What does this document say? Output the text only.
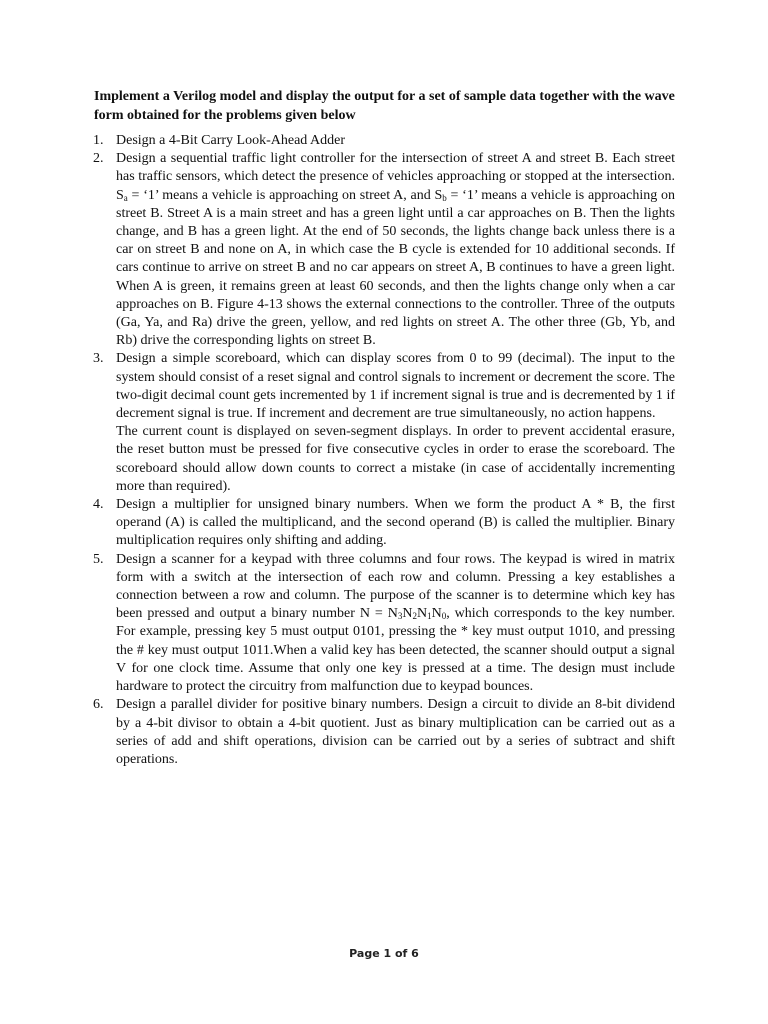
Implement a Verilog model and display the output for a set of sample data together with the wave form obtained for the problems given below
1. Design a 4-Bit Carry Look-Ahead Adder
2. Design a sequential traffic light controller for the intersection of street A and street B. Each street has traffic sensors, which detect the presence of vehicles approaching or stopped at the intersection. $S_a$ = ‘1’ means a vehicle is approaching on street A, and $S_b$ = ‘1’ means a vehicle is approaching on street B. Street A is a main street and has a green light until a car approaches on B. Then the lights change, and B has a green light. At the end of 50 seconds, the lights change back unless there is a car on street B and none on A, in which case the B cycle is extended for 10 additional seconds. If cars continue to arrive on street B and no car appears on street A, B continues to have a green light. When A is green, it remains green at least 60 seconds, and then the lights change only when a car approaches on B. Figure 4-13 shows the external connections to the controller. Three of the outputs (Ga, Ya, and Ra) drive the green, yellow, and red lights on street A. The other three (Gb, Yb, and Rb) drive the corresponding lights on street B.
3. Design a simple scoreboard, which can display scores from 0 to 99 (decimal). The input to the system should consist of a reset signal and control signals to increment or decrement the score. The two-digit decimal count gets incremented by 1 if increment signal is true and is decremented by 1 if decrement signal is true. If increment and decrement are true simultaneously, no action happens.
The current count is displayed on seven-segment displays. In order to prevent accidental erasure, the reset button must be pressed for five consecutive cycles in order to erase the scoreboard. The scoreboard should allow down counts to correct a mistake (in case of accidentally incrementing more than required).
4. Design a multiplier for unsigned binary numbers. When we form the product A * B, the first operand (A) is called the multiplicand, and the second operand (B) is called the multiplier. Binary multiplication requires only shifting and adding.
5. Design a scanner for a keypad with three columns and four rows. The keypad is wired in matrix form with a switch at the intersection of each row and column. Pressing a key establishes a connection between a row and column. The purpose of the scanner is to determine which key has been pressed and output a binary number $N = N_3N_2N_1N_0$, which corresponds to the key number. For example, pressing key 5 must output 0101, pressing the * key must output 1010, and pressing the # key must output 1011.When a valid key has been detected, the scanner should output a signal V for one clock time. Assume that only one key is pressed at a time. The design must include hardware to protect the circuitry from malfunction due to keypad bounces.
6. Design a parallel divider for positive binary numbers. Design a circuit to divide an 8-bit dividend by a 4-bit divisor to obtain a 4-bit quotient. Just as binary multiplication can be carried out as a series of add and shift operations, division can be carried out by a series of subtract and shift operations.
Page 1 of 6
